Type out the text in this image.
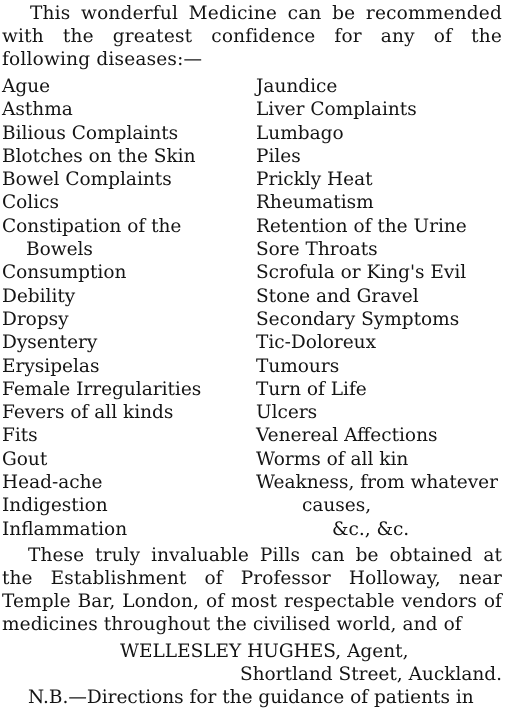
This wonderful Medicine can be recommended with the greatest confidence for any of the following diseases:—
Ague
Asthma
Bilious Complaints
Blotches on the Skin
Bowel Complaints
Colics
Constipation of the
Bowels
Consumption
Debility
Dropsy
Dysentery
Erysipelas
Female Irregularities
Fevers of all kinds
Fits
Gout
Head-ache
Indigestion
Inflammation
Jaundice
Liver Complaints
Lumbago
Piles
Prickly Heat
Rheumatism
Retention of the Urine
Sore Throats
Scrofula or King's Evil
Stone and Gravel
Secondary Symptoms
Tic-Doloreux
Tumours
Turn of Life
Ulcers
Venereal Affections
Worms of all kin
Weakness, from whatever
causes,
&c., &c.
These truly invaluable Pills can be obtained at the Establishment of Professor Holloway, near Temple Bar, London, of most respectable vendors of medicines throughout the civilised world, and of
WELLESLEY HUGHES, Agent,
Shortland Street, Auckland.
N.B.—Directions for the guidance of patients in
